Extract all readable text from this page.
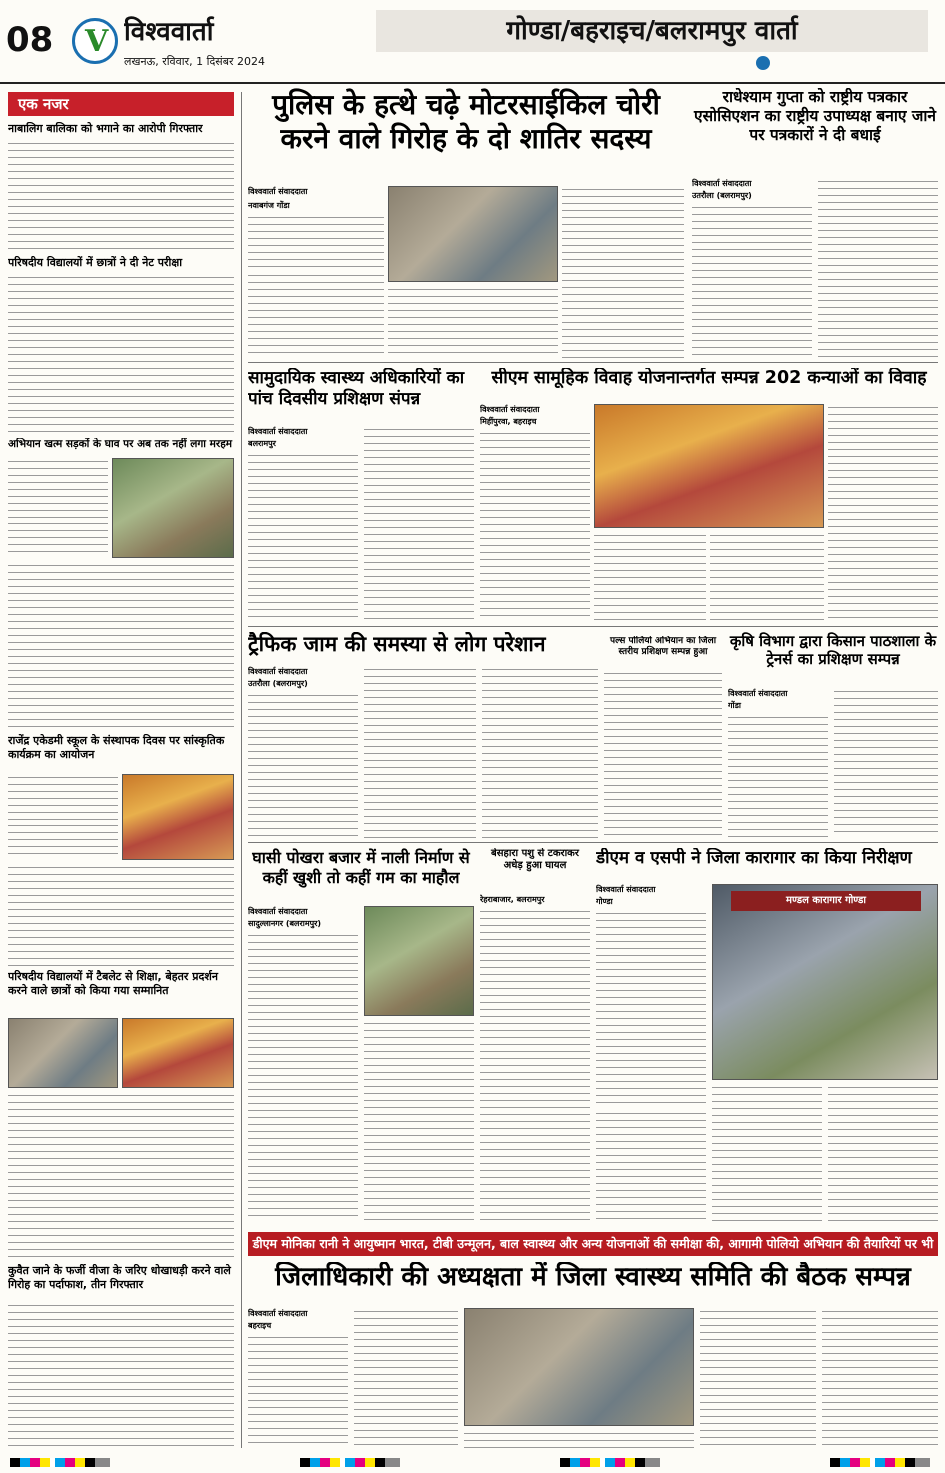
08
V	विश्ववार्ता
लखनऊ, रविवार, 1 दिसंबर 2024
गोण्डा/बहराइच/बलरामपुर वार्ता
एक नजर
नाबालिग बालिका को भगाने का आरोपी गिरफ्तार
परिषदीय विद्यालयों में छात्रों ने दी नेट परीक्षा
अभियान खत्म सड़कों के घाव पर अब तक नहीं लगा मरहम
राजेंद्र एकेडमी स्कूल के संस्थापक दिवस पर सांस्कृतिक कार्यक्रम का आयोजन
परिषदीय विद्यालयों में टैबलेट से शिक्षा, बेहतर प्रदर्शन करने वाले छात्रों को किया गया सम्मानित
कुवैत जाने के फर्जी वीजा के जरिए धोखाधड़ी करने वाले गिरोह का पर्दाफाश, तीन गिरफ्तार
पुलिस के हत्थे चढ़े मोटरसाईकिल चोरी करने वाले गिरोह के दो शातिर सदस्य
विश्ववार्ता संवाददाता
नवाबगंज गोंडा
राधेश्याम गुप्ता को राष्ट्रीय पत्रकार एसोसिएशन का राष्ट्रीय उपाध्यक्ष बनाए जाने पर पत्रकारों ने दी बधाई
विश्ववार्ता संवाददाता
उतरौला (बलरामपुर)
सामुदायिक स्वास्थ्य अधिकारियों का पांच दिवसीय प्रशिक्षण संपन्न
विश्ववार्ता संवाददाता
बलरामपुर
सीएम सामूहिक विवाह योजनान्तर्गत सम्पन्न 202 कन्याओं का विवाह
विश्ववार्ता संवाददाता
मिहींपुरवा, बहराइच
ट्रैफिक जाम की समस्या से लोग परेशान
विश्ववार्ता संवाददाता
उतरौला (बलरामपुर)
पल्स पोलियो अभियान का जिला स्तरीय प्रशिक्षण सम्पन्न हुआ
कृषि विभाग द्वारा किसान पाठशाला के ट्रेनर्स का प्रशिक्षण सम्पन्न
विश्ववार्ता संवाददाता
गोंडा
घासी पोखरा बजार में नाली निर्माण से कहीं खुशी तो कहीं गम का माहौल
विश्ववार्ता संवाददाता
सादुल्लानगर (बलरामपुर)
बेसहारा पशु से टकराकर अधेड़ हुआ घायल
रेहराबाजार, बलरामपुर
डीएम व एसपी ने जिला कारागार का किया निरीक्षण
विश्ववार्ता संवाददाता
गोण्डा	मण्डल कारागार गोण्डा
डीएम मोनिका रानी ने आयुष्मान भारत, टीबी उन्मूलन, बाल स्वास्थ्य और अन्य योजनाओं की समीक्षा की, आगामी पोलियो अभियान की तैयारियों पर भी
जिलाधिकारी की अध्यक्षता में जिला स्वास्थ्य समिति की बैठक सम्पन्न
विश्ववार्ता संवाददाता
बहराइच
